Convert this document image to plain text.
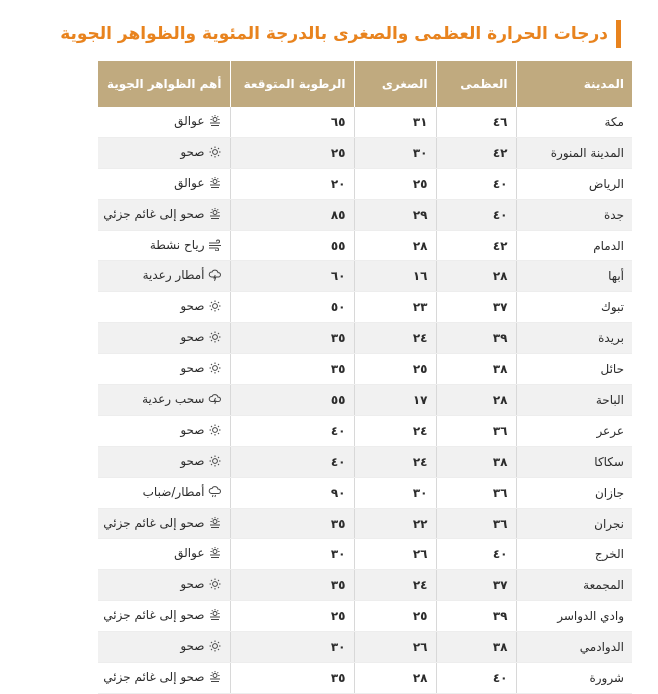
درجات الحرارة العظمى والصغرى بالدرجة المئوية والظواهر الجوية
المدينة	العظمى	الصغرى	الرطوبة المتوقعة	أهم الظواهر الجوية
مكة	٤٦	٣١	٦٥	عوالق

المدينة المنورة	٤٢	٣٠	٢٥	صحو

الرياض	٤٠	٢٥	٢٠	عوالق

جدة	٤٠	٢٩	٨٥	صحو إلى غائم جزئي

الدمام	٤٢	٢٨	٥٥	رياح نشطة

أبها	٢٨	١٦	٦٠	أمطار رعدية

تبوك	٣٧	٢٣	٥٠	صحو

بريدة	٣٩	٢٤	٣٥	صحو

حائل	٣٨	٢٥	٣٥	صحو

الباحة	٢٨	١٧	٥٥	سحب رعدية

عرعر	٣٦	٢٤	٤٠	صحو

سكاكا	٣٨	٢٤	٤٠	صحو

جازان	٣٦	٣٠	٩٠	أمطار/ضباب

نجران	٣٦	٢٢	٣٥	صحو إلى غائم جزئي

الخرج	٤٠	٢٦	٣٠	عوالق

المجمعة	٣٧	٢٤	٣٥	صحو

وادي الدواسر	٣٩	٢٥	٢٥	صحو إلى غائم جزئي

الدوادمي	٣٨	٢٦	٣٠	صحو

شرورة	٤٠	٢٨	٣٥	صحو إلى غائم جزئي
